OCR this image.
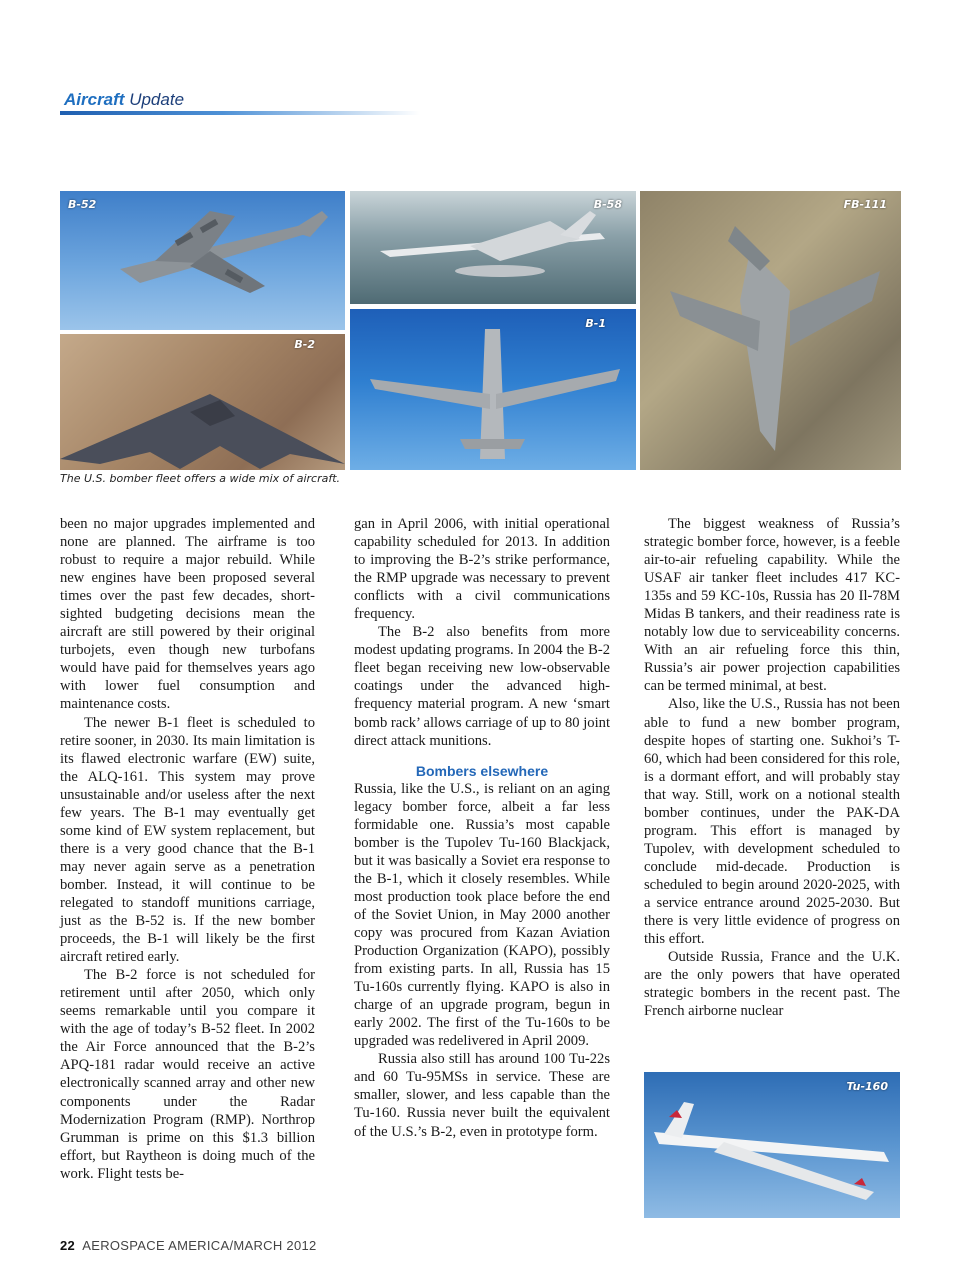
Aircraft Update
B-52	B-58	FB-111
B-2
B-1
The U.S. bomber fleet offers a wide mix of aircraft.

been no major upgrades implemented and none are planned. The airframe is too robust to require a major rebuild. While new engines have been proposed several times over the past few decades, short-sighted budgeting decisions mean the aircraft are still powered by their original turbojets, even though new turbofans would have paid for themselves years ago with lower fuel consumption and maintenance costs.

The newer B-1 fleet is scheduled to retire sooner, in 2030. Its main limitation is its flawed electronic warfare (EW) suite, the ALQ-161. This system may prove unsustainable and/or useless after the next few years. The B-1 may eventually get some kind of EW system replacement, but there is a very good chance that the B-1 may never again serve as a penetration bomber. Instead, it will continue to be relegated to standoff munitions carriage, just as the B-52 is. If the new bomber proceeds, the B-1 will likely be the first aircraft retired early.

The B-2 force is not scheduled for retirement until after 2050, which only seems remarkable until you compare it with the age of today’s B-52 fleet. In 2002 the Air Force announced that the B-2’s APQ-181 radar would receive an active electronically scanned array and other new components under the Radar Modernization Program (RMP). Northrop Grumman is prime on this $1.3 billion effort, but Raytheon is doing much of the work. Flight tests be-

gan in April 2006, with initial operational capability scheduled for 2013. In addition to improving the B-2’s strike performance, the RMP upgrade was necessary to prevent conflicts with a civil communications frequency.

The B-2 also benefits from more modest updating programs. In 2004 the B-2 fleet began receiving new low-observable coatings under the advanced high-frequency material program. A new ‘smart bomb rack’ allows carriage of up to 80 joint direct attack munitions.

Bombers elsewhere

Russia, like the U.S., is reliant on an aging legacy bomber force, albeit a far less formidable one. Russia’s most capable bomber is the Tupolev Tu-160 Blackjack, but it was basically a Soviet era response to the B-1, which it closely resembles. While most production took place before the end of the Soviet Union, in May 2000 another copy was procured from Kazan Aviation Production Organization (KAPO), possibly from existing parts. In all, Russia has 15 Tu-160s currently flying. KAPO is also in charge of an upgrade program, begun in early 2002. The first of the Tu-160s to be upgraded was redelivered in April 2009.

Russia also still has around 100 Tu-22s and 60 Tu-95MSs in service. These are smaller, slower, and less capable than the Tu-160. Russia never built the equivalent of the U.S.’s B-2, even in prototype form.

The biggest weakness of Russia’s strategic bomber force, however, is a feeble air-to-air refueling capability. While the USAF air tanker fleet includes 417 KC-135s and 59 KC-10s, Russia has 20 Il-78M Midas B tankers, and their readiness rate is notably low due to serviceability concerns. With an air refueling force this thin, Russia’s air power projection capabilities can be termed minimal, at best.

Also, like the U.S., Russia has not been able to fund a new bomber program, despite hopes of starting one. Sukhoi’s T-60, which had been considered for this role, is a dormant effort, and will probably stay that way. Still, work on a notional stealth bomber continues, under the PAK-DA program. This effort is managed by Tupolev, with development scheduled to conclude mid-decade. Production is scheduled to begin around 2020-2025, with a service entrance around 2025-2030. But there is very little evidence of progress on this effort.

Outside Russia, France and the U.K. are the only powers that have operated strategic bombers in the recent past. The French airborne nuclear

Tu-160
22 AEROSPACE AMERICA/MARCH 2012
